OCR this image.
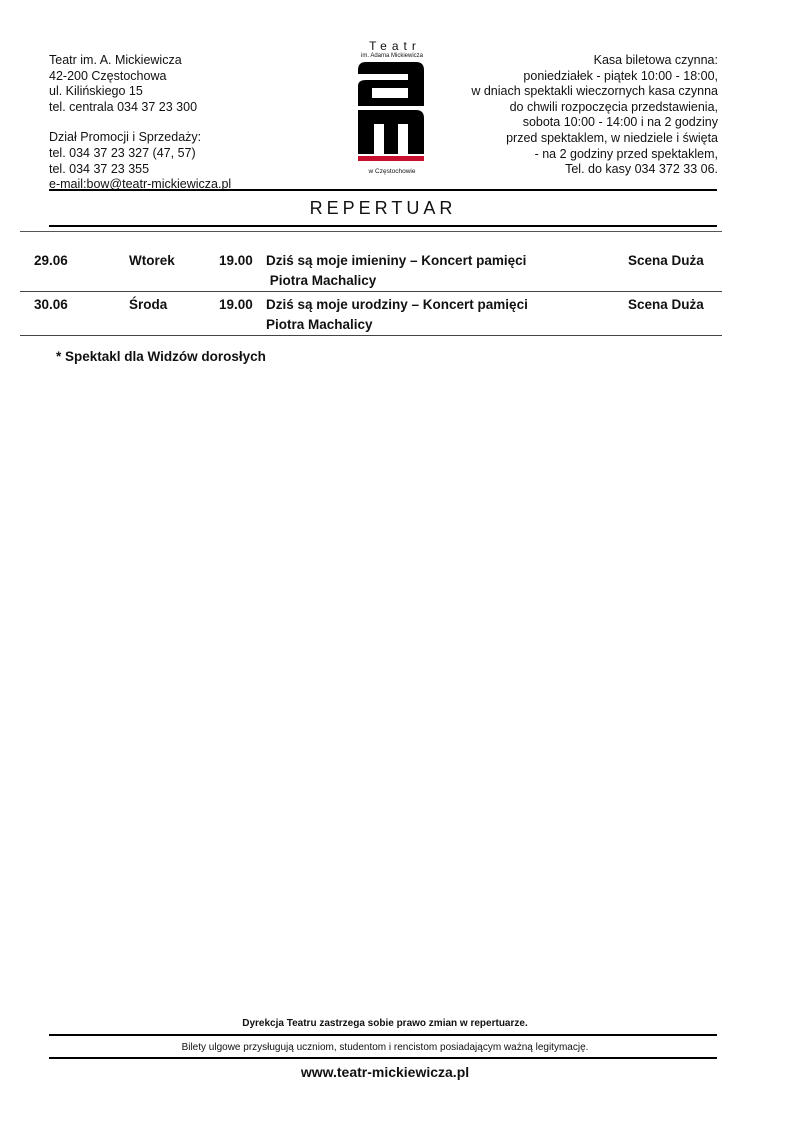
Teatr im. A. Mickiewicza
42-200 Częstochowa
ul. Kilińskiego 15
tel. centrala 034 37 23 300
Dział Promocji i Sprzedaży:
tel. 034 37 23 327 (47, 57)
tel. 034 37 23 355
e-mail:bow@teatr-mickiewicza.pl
Teatr
im. Adama Mickiewicza
w Częstochowie
Kasa biletowa czynna:
poniedziałek - piątek 10:00 - 18:00,
w dniach spektakli wieczornych kasa czynna
do chwili rozpoczęcia przedstawienia,
sobota 10:00 - 14:00 i na 2 godziny
przed spektaklem, w niedziele i święta
- na 2 godziny przed spektaklem,
Tel. do kasy 034 372 33 06.
REPERTUAR
29.06	Wtorek	19.00	Dziś są moje imieniny – Koncert pamięci
Piotra Machalicy	Scena Duża
30.06	Środa	19.00	Dziś są moje urodziny – Koncert pamięci
Piotra Machalicy	Scena Duża
* Spektakl dla Widzów dorosłych
Dyrekcja Teatru zastrzega sobie prawo zmian w repertuarze.
Bilety ulgowe przysługują uczniom, studentom i rencistom posiadającym ważną legitymację.
www.teatr-mickiewicza.pl
